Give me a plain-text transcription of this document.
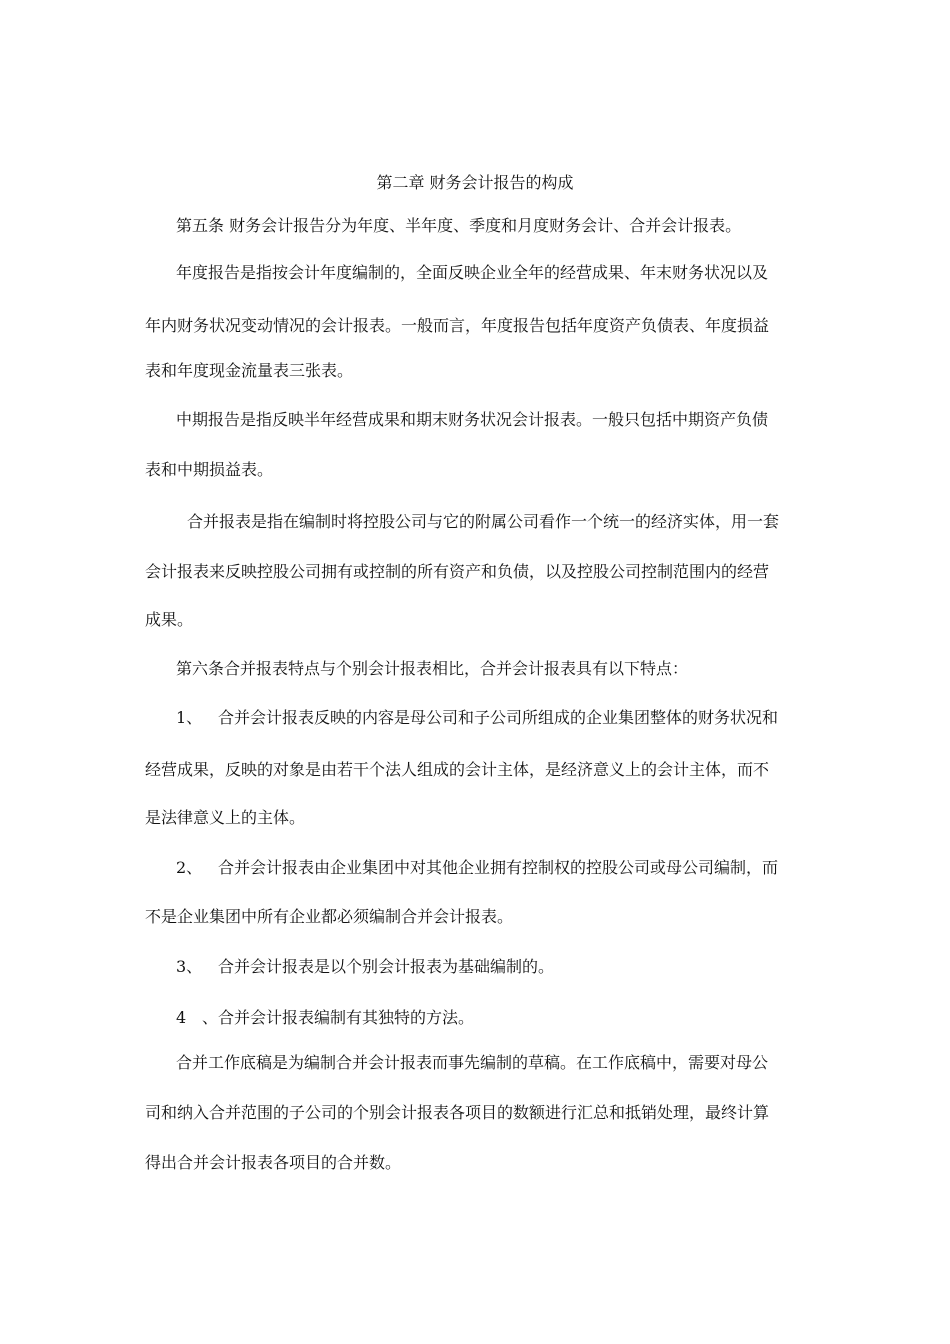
第二章 财务会计报告的构成
第五条 财务会计报告分为年度、半年度、季度和月度财务会计、合并会计报表。
年度报告是指按会计年度编制的，全面反映企业全年的经营成果、年末财务状况以及
年内财务状况变动情况的会计报表。一般而言，年度报告包括年度资产负债表、年度损益
表和年度现金流量表三张表。
中期报告是指反映半年经营成果和期末财务状况会计报表。一般只包括中期资产负债
表和中期损益表。
合并报表是指在编制时将控股公司与它的附属公司看作一个统一的经济实体，用一套
会计报表来反映控股公司拥有或控制的所有资产和负债，以及控股公司控制范围内的经营
成果。
第六条合并报表特点与个别会计报表相比，合并会计报表具有以下特点：
1、 合并会计报表反映的内容是母公司和子公司所组成的企业集团整体的财务状况和
经营成果，反映的对象是由若干个法人组成的会计主体，是经济意义上的会计主体，而不
是法律意义上的主体。
2、 合并会计报表由企业集团中对其他企业拥有控制权的控股公司或母公司编制，而
不是企业集团中所有企业都必须编制合并会计报表。
3、 合并会计报表是以个别会计报表为基础编制的。
4 、合并会计报表编制有其独特的方法。
合并工作底稿是为编制合并会计报表而事先编制的草稿。在工作底稿中，需要对母公
司和纳入合并范围的子公司的个别会计报表各项目的数额进行汇总和抵销处理，最终计算
得出合并会计报表各项目的合并数。
